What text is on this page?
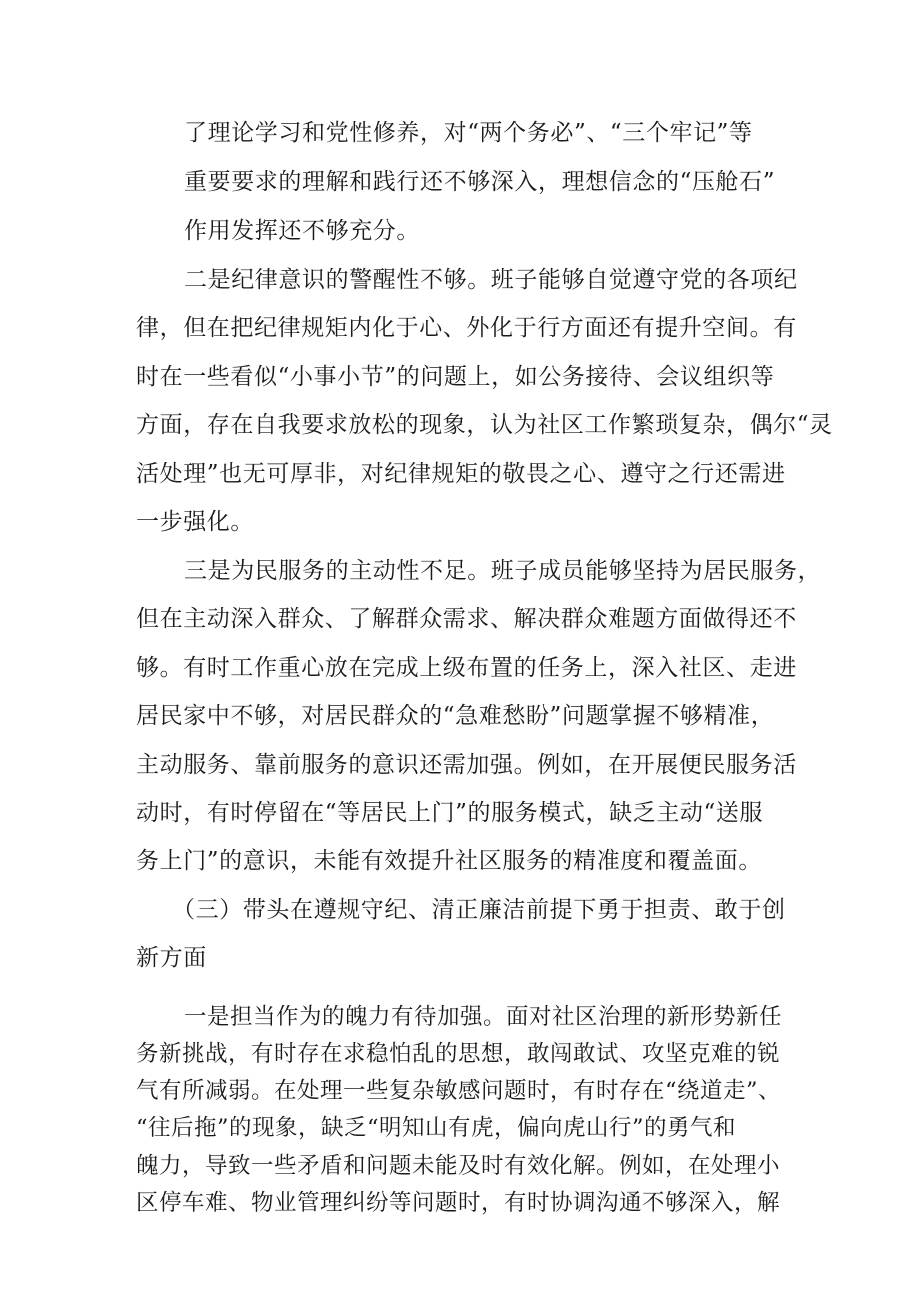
了理论学习和党性修养，对“两个务必”、“三个牢记”等
重要要求的理解和践行还不够深入，理想信念的“压舱石”
作用发挥还不够充分。
二是纪律意识的警醒性不够。班子能够自觉遵守党的各项纪
律，但在把纪律规矩内化于心、外化于行方面还有提升空间。有
时在一些看似“小事小节”的问题上，如公务接待、会议组织等
方面，存在自我要求放松的现象，认为社区工作繁琐复杂，偶尔“灵
活处理”也无可厚非，对纪律规矩的敬畏之心、遵守之行还需进
一步强化。
三是为民服务的主动性不足。班子成员能够坚持为居民服务，
但在主动深入群众、了解群众需求、解决群众难题方面做得还不
够。有时工作重心放在完成上级布置的任务上，深入社区、走进
居民家中不够，对居民群众的“急难愁盼”问题掌握不够精准，
主动服务、靠前服务的意识还需加强。例如，在开展便民服务活
动时，有时停留在“等居民上门”的服务模式，缺乏主动“送服
务上门”的意识，未能有效提升社区服务的精准度和覆盖面。
（三）带头在遵规守纪、清正廉洁前提下勇于担责、敢于创
新方面
一是担当作为的魄力有待加强。面对社区治理的新形势新任
务新挑战，有时存在求稳怕乱的思想，敢闯敢试、攻坚克难的锐
气有所减弱。在处理一些复杂敏感问题时，有时存在“绕道走”、
“往后拖”的现象，缺乏“明知山有虎，偏向虎山行”的勇气和
魄力，导致一些矛盾和问题未能及时有效化解。例如，在处理小
区停车难、物业管理纠纷等问题时，有时协调沟通不够深入，解
